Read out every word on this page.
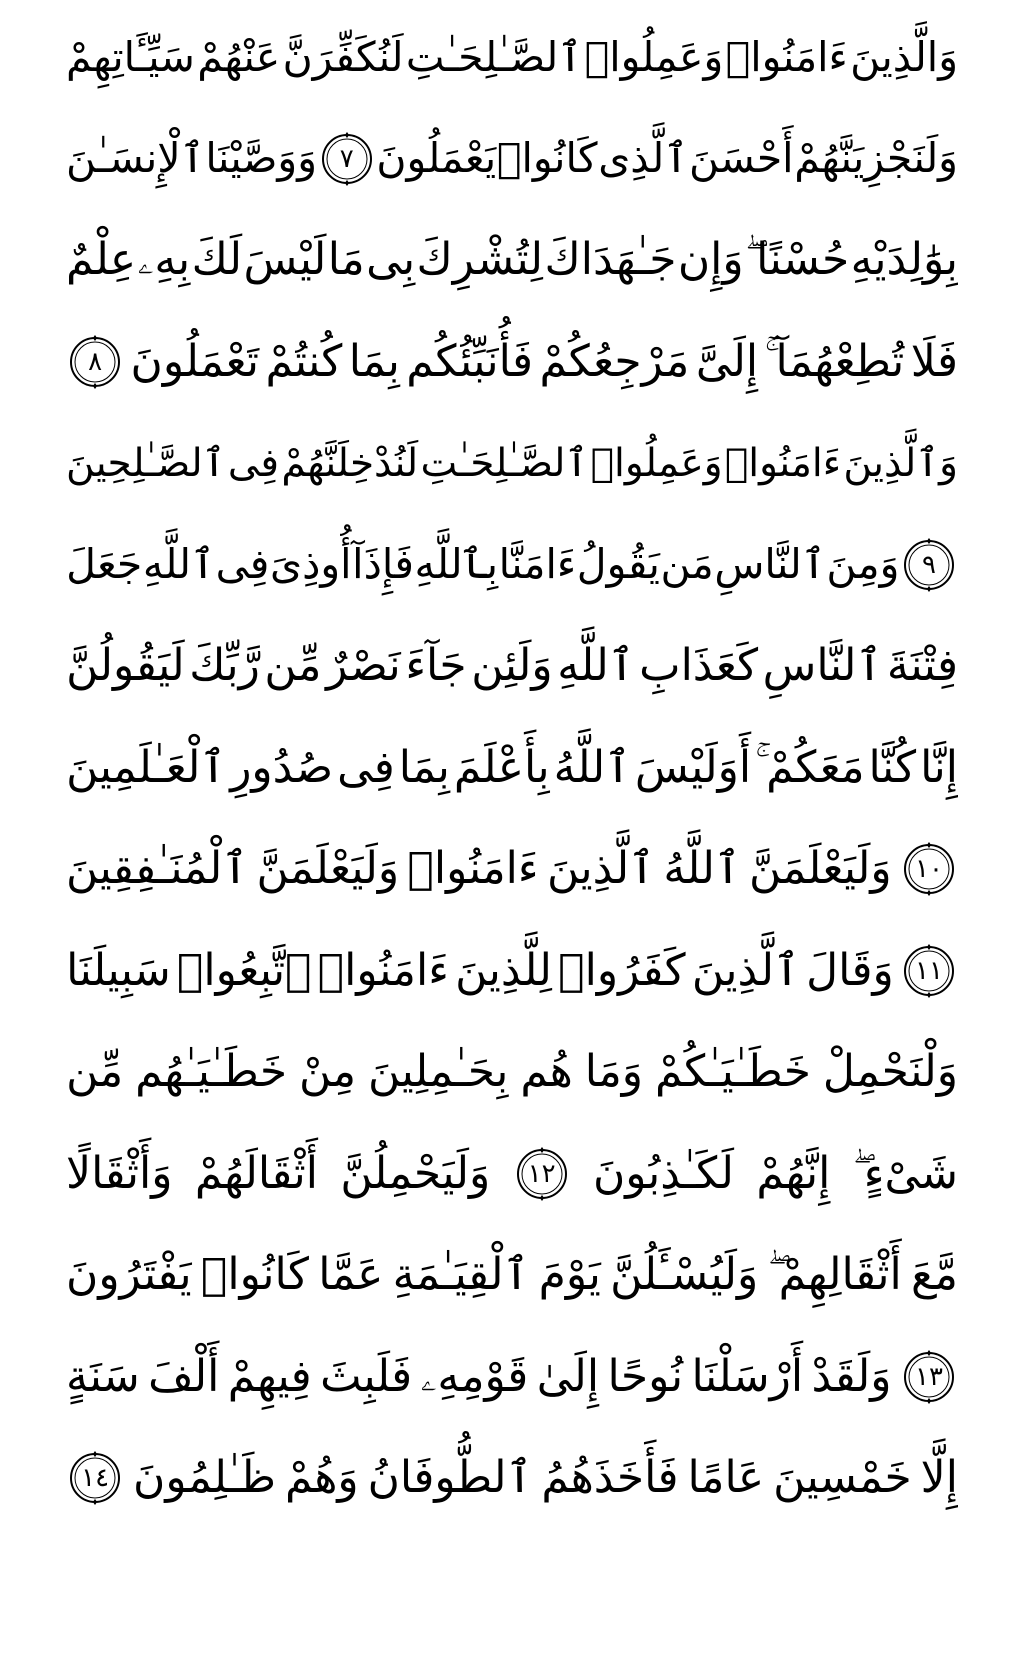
وَالَّذِينَ
ءَامَنُوا۟
وَعَمِلُوا۟
ٱلصَّـٰلِحَـٰتِ
لَنُكَفِّرَنَّ
عَنْهُمْ
سَيِّـَٔاتِهِمْ
وَلَنَجْزِيَنَّهُمْ
أَحْسَنَ
ٱلَّذِى
كَانُوا۟
يَعْمَلُونَ
٧
وَوَصَّيْنَا
ٱلْإِنسَـٰنَ
بِوَٰلِدَيْهِ
حُسْنًا ۖ
وَإِن
جَـٰهَدَاكَ
لِتُشْرِكَ
بِى
مَا
لَيْسَ
لَكَ
بِهِۦ
عِلْمٌ
فَلَا
تُطِعْهُمَآ ۚ
إِلَىَّ
مَرْجِعُكُمْ
فَأُنَبِّئُكُم
بِمَا
كُنتُمْ
تَعْمَلُونَ
٨
وَٱلَّذِينَ
ءَامَنُوا۟
وَعَمِلُوا۟
ٱلصَّـٰلِحَـٰتِ
لَنُدْخِلَنَّهُمْ
فِى
ٱلصَّـٰلِحِينَ
٩
وَمِنَ
ٱلنَّاسِ
مَن
يَقُولُ
ءَامَنَّا
بِٱللَّهِ
فَإِذَآ
أُوذِىَ
فِى
ٱللَّهِ
جَعَلَ
فِتْنَةَ
ٱلنَّاسِ
كَعَذَابِ
ٱللَّهِ
وَلَئِن
جَآءَ
نَصْرٌ
مِّن
رَّبِّكَ
لَيَقُولُنَّ
إِنَّا
كُنَّا
مَعَكُمْ ۚ
أَوَلَيْسَ
ٱللَّهُ
بِأَعْلَمَ
بِمَا
فِى
صُدُورِ
ٱلْعَـٰلَمِينَ
١٠
وَلَيَعْلَمَنَّ
ٱللَّهُ
ٱلَّذِينَ
ءَامَنُوا۟
وَلَيَعْلَمَنَّ
ٱلْمُنَـٰفِقِينَ
١١
وَقَالَ
ٱلَّذِينَ
كَفَرُوا۟
لِلَّذِينَ
ءَامَنُوا۟
ٱتَّبِعُوا۟
سَبِيلَنَا
وَلْنَحْمِلْ
خَطَـٰيَـٰكُمْ
وَمَا
هُم
بِحَـٰمِلِينَ
مِنْ
خَطَـٰيَـٰهُم
مِّن
شَىْءٍ ۖ
إِنَّهُمْ
لَكَـٰذِبُونَ
١٢
وَلَيَحْمِلُنَّ
أَثْقَالَهُمْ
وَأَثْقَالًا
مَّعَ
أَثْقَالِهِمْ ۖ
وَلَيُسْـَٔلُنَّ
يَوْمَ
ٱلْقِيَـٰمَةِ
عَمَّا
كَانُوا۟
يَفْتَرُونَ
١٣
وَلَقَدْ
أَرْسَلْنَا
نُوحًا
إِلَىٰ
قَوْمِهِۦ
فَلَبِثَ
فِيهِمْ
أَلْفَ
سَنَةٍ
إِلَّا
خَمْسِينَ
عَامًا
فَأَخَذَهُمُ
ٱلطُّوفَانُ
وَهُمْ
ظَـٰلِمُونَ
١٤
